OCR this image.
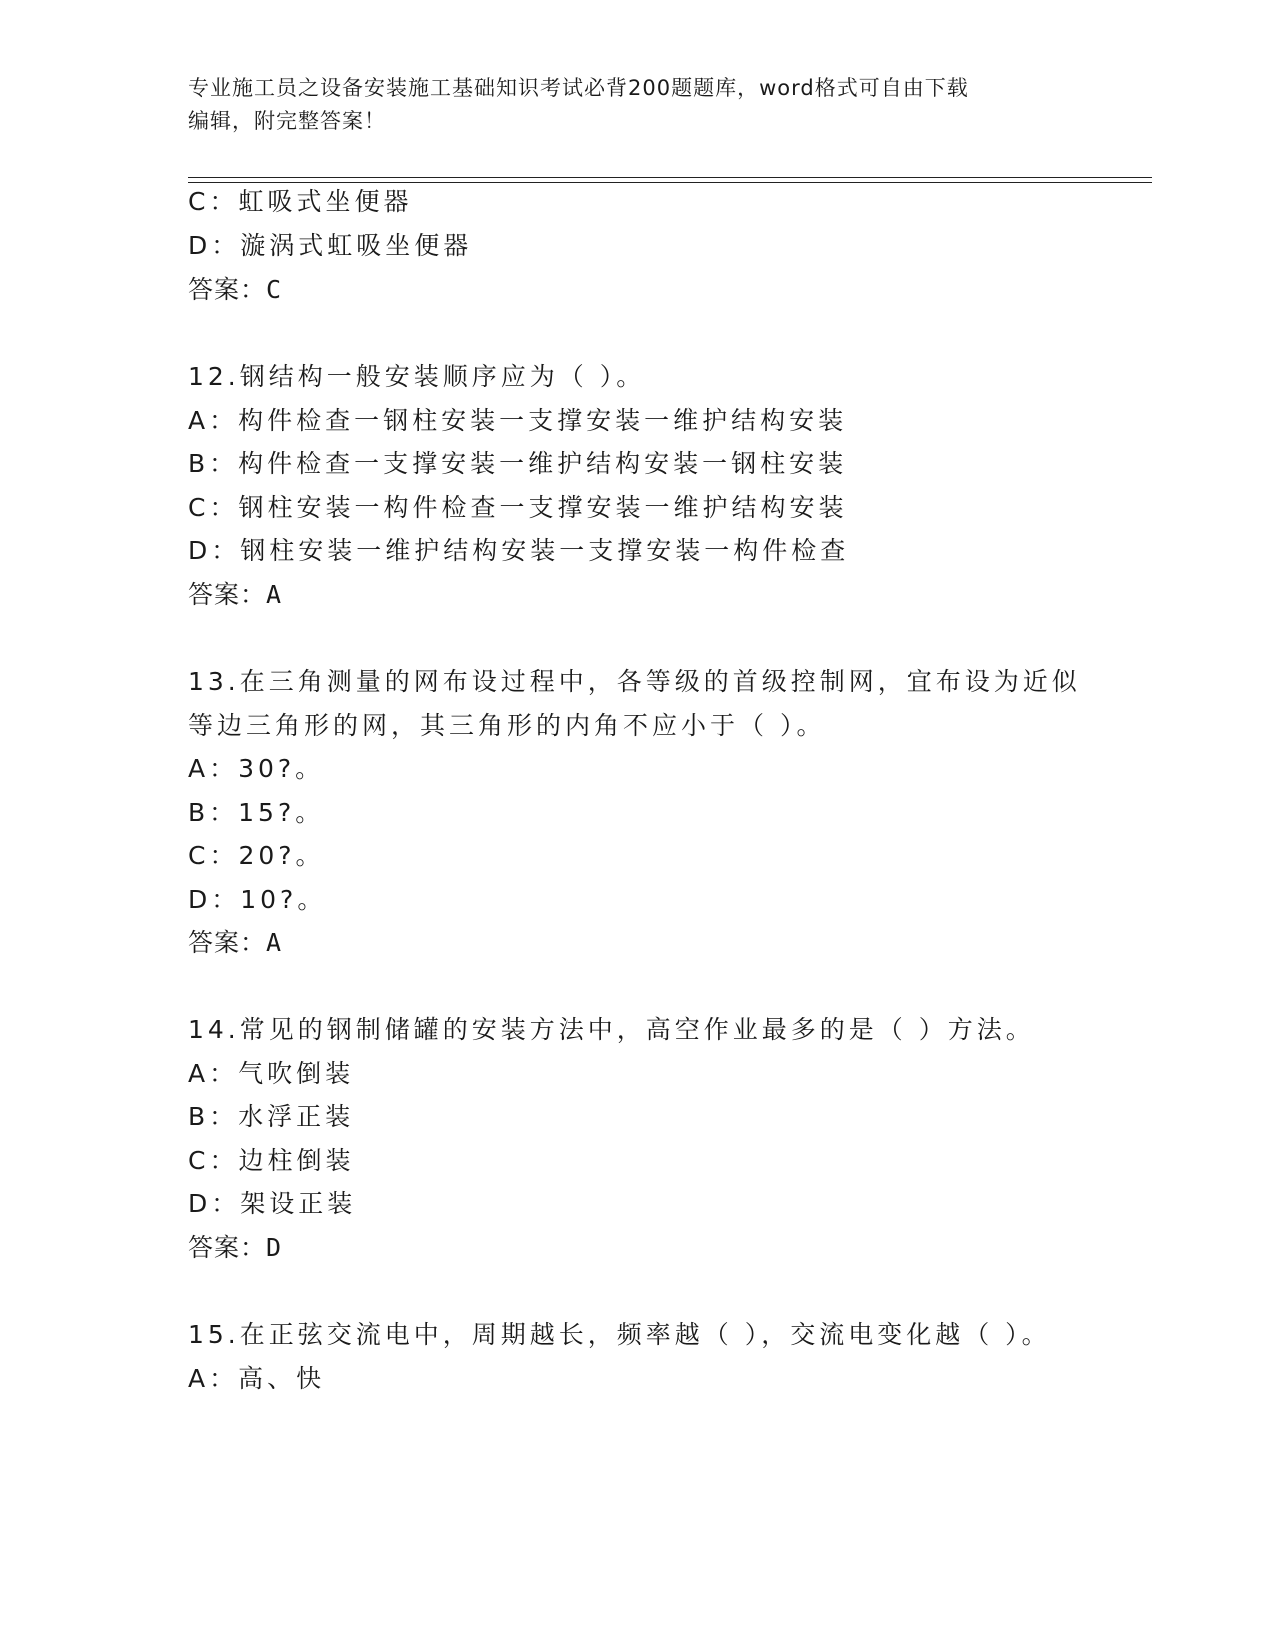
专业施工员之设备安装施工基础知识考试必背200题题库，word格式可自由下载
编辑，附完整答案！
C：虹吸式坐便器
D：漩涡式虹吸坐便器
答案：C
12.钢结构一般安装顺序应为（ ）。
A：构件检查一钢柱安装一支撑安装一维护结构安装
B：构件检查一支撑安装一维护结构安装一钢柱安装
C：钢柱安装一构件检查一支撑安装一维护结构安装
D：钢柱安装一维护结构安装一支撑安装一构件检查
答案：A
13.在三角测量的网布设过程中，各等级的首级控制网，宜布设为近似
等边三角形的网，其三角形的内角不应小于（ ）。
A：30?。
B：15?。
C：20?。
D：10?。
答案：A
14.常见的钢制储罐的安装方法中，高空作业最多的是（ ）方法。
A：气吹倒装
B：水浮正装
C：边柱倒装
D：架设正装
答案：D
15.在正弦交流电中，周期越长，频率越（ ），交流电变化越（ ）。
A：高、快
